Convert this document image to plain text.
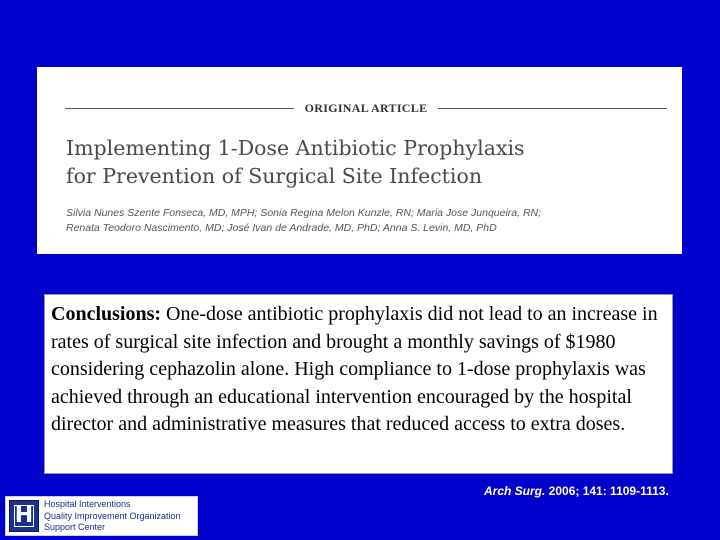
ORIGINAL ARTICLE
Implementing 1-Dose Antibiotic Prophylaxis
for Prevention of Surgical Site Infection
Silvia Nunes Szente Fonseca, MD, MPH; Sonia Regina Melon Kunzle, RN; Maria Jose Junqueira, RN;
Renata Teodoro Nascimento, MD; José Ivan de Andrade, MD, PhD; Anna S. Levin, MD, PhD
Conclusions: One-dose antibiotic prophylaxis did not lead to an increase in rates of surgical site infection and brought a monthly savings of $1980 considering cephazolin alone. High compliance to 1-dose prophylaxis was achieved through an educational intervention encouraged by the hospital director and administrative measures that reduced access to extra doses.
Arch Surg. 2006; 141: 1109-1113.
H	Hospital Interventions
Quality Improvement Organization
Support Center
